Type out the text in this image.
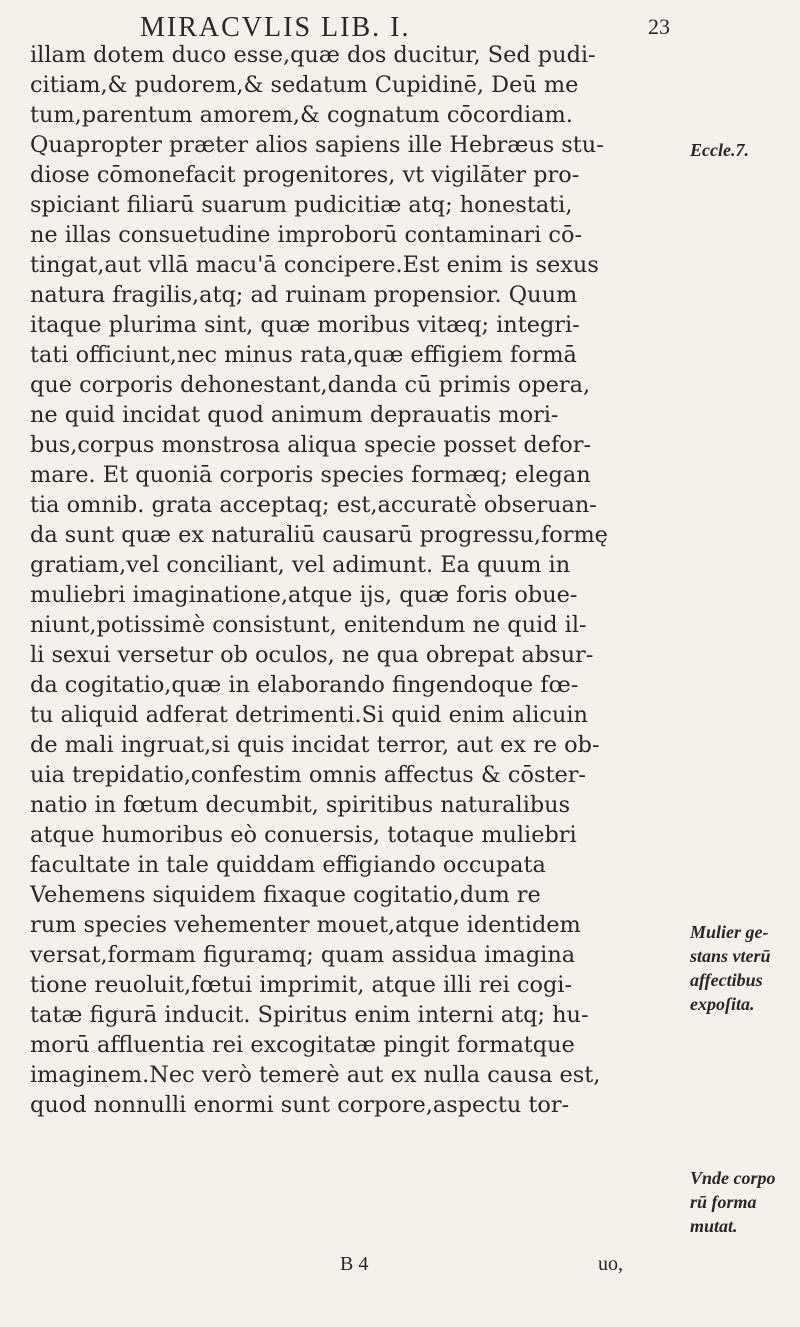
MIRACVLIS LIB. I.	23
illam dotem duco esse,quæ dos ducitur, Sed pudi-
citiam,& pudorem,& sedatum Cupidinē, Deū me
tum,parentum amorem,& cognatum cōcordiam.
Quapropter præter alios sapiens ille Hebræus stu-
diose cōmonefacit progenitores, vt vigilāter pro-
spiciant filiarū suarum pudicitiæ atq; honestati,
ne illas consuetudine improborū contaminari cō-
tingat,aut vllā macu'ā concipere.Est enim is sexus
natura fragilis,atq; ad ruinam propensior. Quum
itaque plurima sint, quæ moribus vitæq; integri-
tati officiunt,nec minus rata,quæ effigiem formā
que corporis dehonestant,danda cū primis opera,
ne quid incidat quod animum deprauatis mori-
bus,corpus monstrosa aliqua specie posset defor-
mare. Et quoniā corporis species formæq; elegan
tia omnib. grata acceptaq; est,accuratè obseruan-
da sunt quæ ex naturaliū causarū progressu,formę
gratiam,vel conciliant, vel adimunt. Ea quum in
muliebri imaginatione,atque ijs, quæ foris obue-
niunt,potissimè consistunt, enitendum ne quid il-
li sexui versetur ob oculos, ne qua obrepat absur-
da cogitatio,quæ in elaborando fingendoque fœ-
tu aliquid adferat detrimenti.Si quid enim alicuin
de mali ingruat,si quis incidat terror, aut ex re ob-
uia trepidatio,confestim omnis affectus & cōster-
natio in fœtum decumbit, spiritibus naturalibus
atque humoribus eò conuersis, totaque muliebri
facultate in tale quiddam effigiando occupata
Vehemens siquidem fixaque cogitatio,dum re
rum species vehementer mouet,atque identidem
versat,formam figuramq; quam assidua imagina
tione reuoluit,fœtui imprimit, atque illi rei cogi-
tatæ figurā inducit. Spiritus enim interni atq; hu-
morū affluentia rei excogitatæ pingit formatque
imaginem.Nec verò temerè aut ex nulla causa est,
quod nonnulli enormi sunt corpore,aspectu tor-
Eccle.7.
Mulier ge-
stans vterū
affectibus
expoſita.
Vnde corpo
rū forma
mutat.
B 4	uo,
